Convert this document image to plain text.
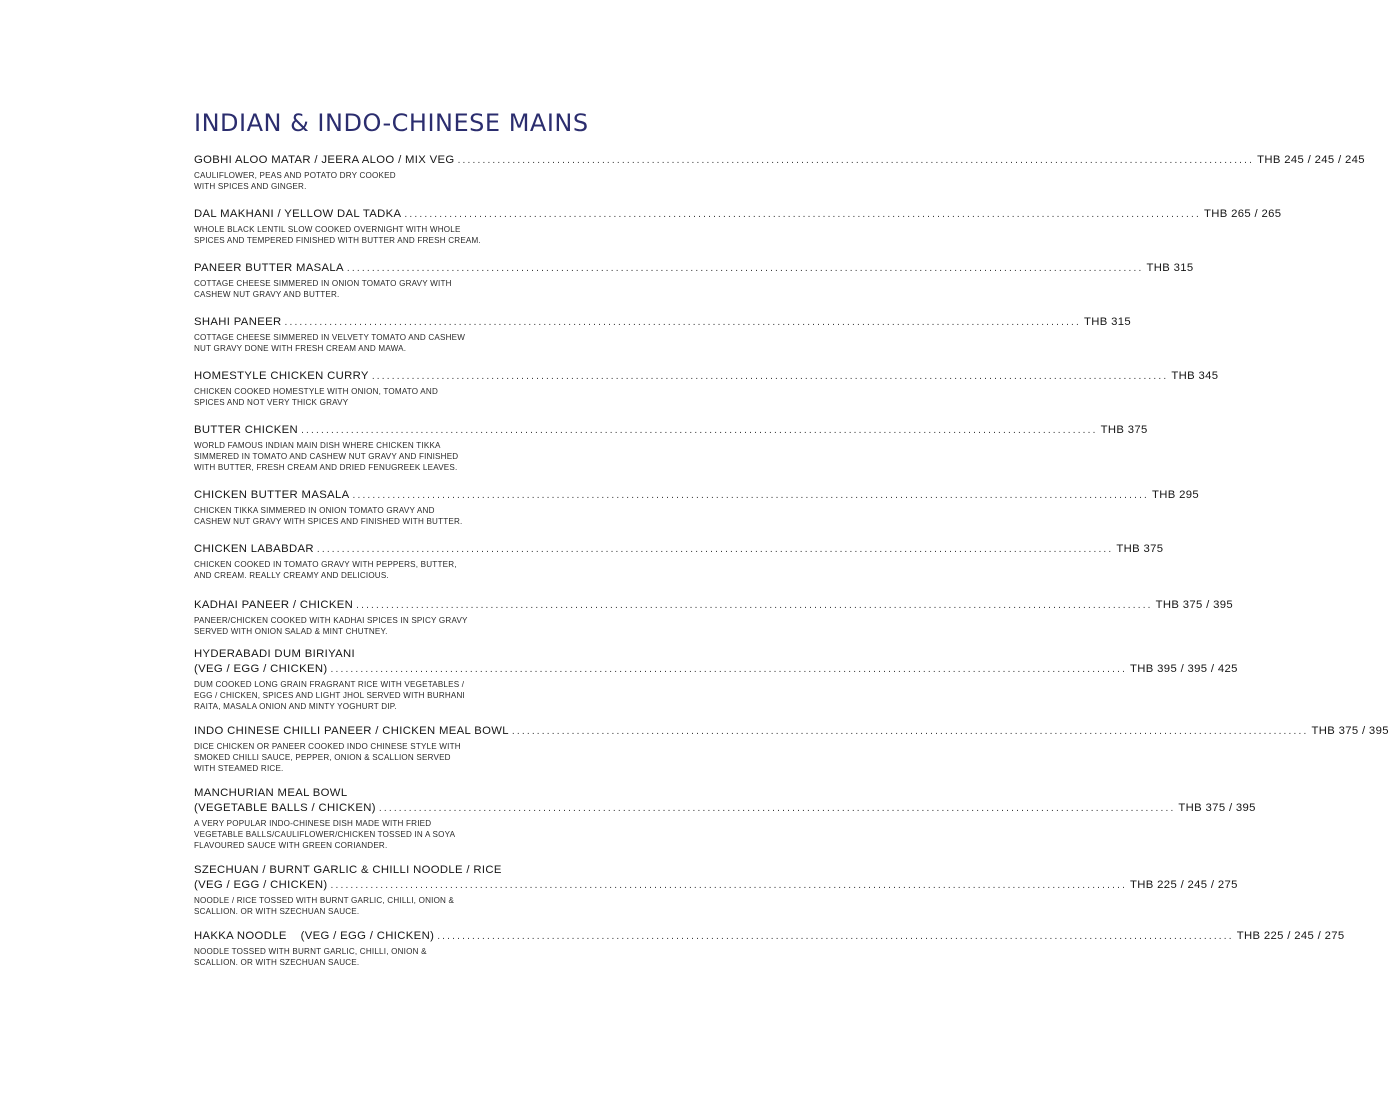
INDIAN & INDO-CHINESE MAINS
GOBHI ALOO MATAR / JEERA ALOO / MIX VEG ................................................................................................................................................................ THB 245 / 245 / 245
CAULIFLOWER, PEAS AND POTATO DRY COOKED
WITH SPICES AND GINGER.
DAL MAKHANI / YELLOW DAL TADKA ................................................................................................................................................................ THB 265 / 265
WHOLE BLACK LENTIL SLOW COOKED OVERNIGHT WITH WHOLE
SPICES AND TEMPERED FINISHED WITH BUTTER AND FRESH CREAM.
PANEER BUTTER MASALA ................................................................................................................................................................ THB 315
COTTAGE CHEESE SIMMERED IN ONION TOMATO GRAVY WITH
CASHEW NUT GRAVY AND BUTTER.
SHAHI PANEER ................................................................................................................................................................ THB 315
COTTAGE CHEESE SIMMERED IN VELVETY TOMATO AND CASHEW
NUT GRAVY DONE WITH FRESH CREAM AND MAWA.
HOMESTYLE CHICKEN CURRY ................................................................................................................................................................ THB 345
CHICKEN COOKED HOMESTYLE WITH ONION, TOMATO AND
SPICES AND NOT VERY THICK GRAVY
BUTTER CHICKEN ................................................................................................................................................................ THB 375
WORLD FAMOUS INDIAN MAIN DISH WHERE CHICKEN TIKKA
SIMMERED IN TOMATO AND CASHEW NUT GRAVY AND FINISHED
WITH BUTTER, FRESH CREAM AND DRIED FENUGREEK LEAVES.
CHICKEN BUTTER MASALA ................................................................................................................................................................ THB 295
CHICKEN TIKKA SIMMERED IN ONION TOMATO GRAVY AND
CASHEW NUT GRAVY WITH SPICES AND FINISHED WITH BUTTER.
CHICKEN LABABDAR ................................................................................................................................................................ THB 375
CHICKEN COOKED IN TOMATO GRAVY WITH PEPPERS, BUTTER,
AND CREAM. REALLY CREAMY AND DELICIOUS.
KADHAI PANEER / CHICKEN ................................................................................................................................................................ THB 375 / 395
PANEER/CHICKEN COOKED WITH KADHAI SPICES IN SPICY GRAVY
SERVED WITH ONION SALAD & MINT CHUTNEY.
HYDERABADI DUM BIRIYANI
(VEG / EGG / CHICKEN) ................................................................................................................................................................ THB 395 / 395 / 425
DUM COOKED LONG GRAIN FRAGRANT RICE WITH VEGETABLES /
EGG / CHICKEN, SPICES AND LIGHT JHOL SERVED WITH BURHANI
RAITA, MASALA ONION AND MINTY YOGHURT DIP.
INDO CHINESE CHILLI PANEER / CHICKEN MEAL BOWL ................................................................................................................................................................ THB 375 / 395
DICE CHICKEN OR PANEER COOKED INDO CHINESE STYLE WITH
SMOKED CHILLI SAUCE, PEPPER, ONION & SCALLION SERVED
WITH STEAMED RICE.
MANCHURIAN MEAL BOWL
(VEGETABLE BALLS / CHICKEN) ................................................................................................................................................................ THB 375 / 395
A VERY POPULAR INDO-CHINESE DISH MADE WITH FRIED
VEGETABLE BALLS/CAULIFLOWER/CHICKEN TOSSED IN A SOYA
FLAVOURED SAUCE WITH GREEN CORIANDER.
SZECHUAN / BURNT GARLIC & CHILLI NOODLE / RICE
(VEG / EGG / CHICKEN) ................................................................................................................................................................ THB 225 / 245 / 275
NOODLE / RICE TOSSED WITH BURNT GARLIC, CHILLI, ONION &
SCALLION. OR WITH SZECHUAN SAUCE.
HAKKA NOODLE    (VEG / EGG / CHICKEN) ................................................................................................................................................................ THB 225 / 245 / 275
NOODLE TOSSED WITH BURNT GARLIC, CHILLI, ONION &
SCALLION. OR WITH SZECHUAN SAUCE.
